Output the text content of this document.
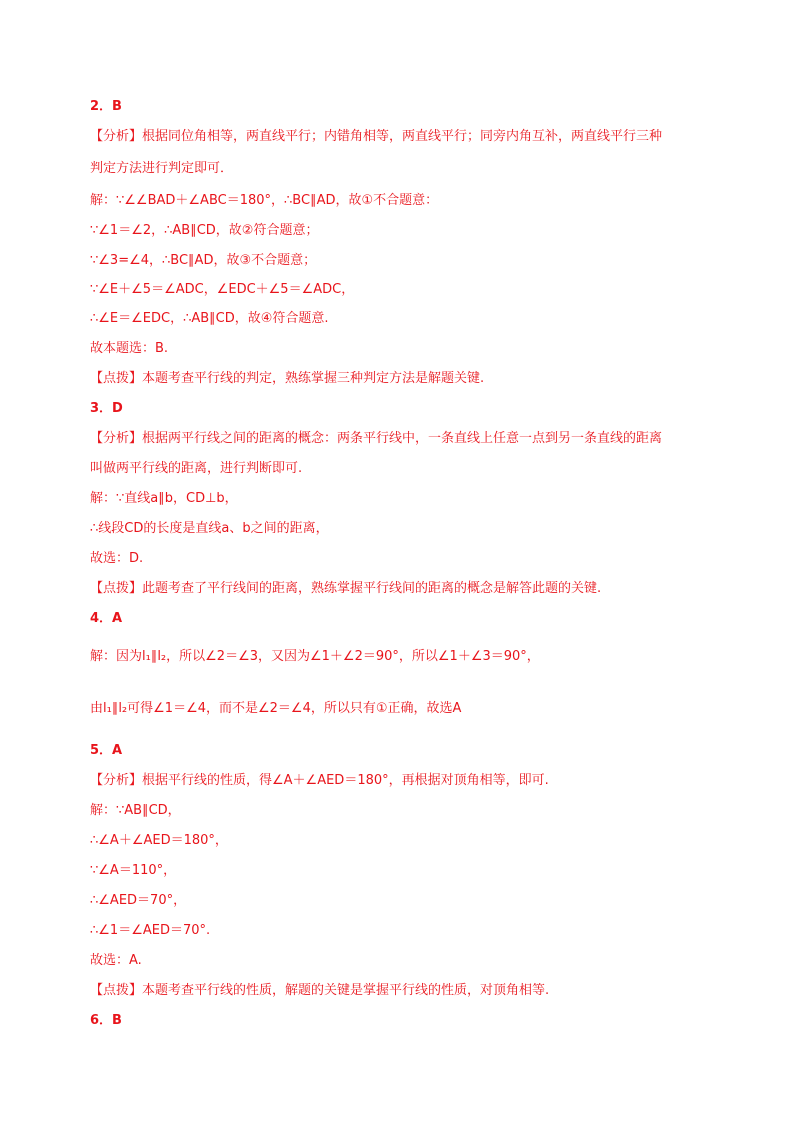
2．B
【分析】根据同位角相等，两直线平行；内错角相等，两直线平行；同旁内角互补，两直线平行三种
判定方法进行判定即可．
解：∵∠∠BAD＋∠ABC＝180°，∴BC∥AD，故①不合题意：
∵∠1＝∠2，∴AB∥CD，故②符合题意；
∵∠3=∠4，∴BC∥AD，故③不合题意；
∵∠E＋∠5＝∠ADC，∠EDC＋∠5＝∠ADC，
∴∠E＝∠EDC，∴AB∥CD，故④符合题意.
故本题选：B.
【点拨】本题考查平行线的判定，熟练掌握三种判定方法是解题关键.
3．D
【分析】根据两平行线之间的距离的概念：两条平行线中，一条直线上任意一点到另一条直线的距离
叫做两平行线的距离，进行判断即可.
解：∵直线a∥b，CD⊥b，
∴线段CD的长度是直线a、b之间的距离，
故选：D.
【点拨】此题考查了平行线间的距离，熟练掌握平行线间的距离的概念是解答此题的关键.
4．A
解：因为l₁∥l₂，所以∠2＝∠3，又因为∠1＋∠2＝90°，所以∠1＋∠3＝90°，
由l₁∥l₂可得∠1＝∠4，而不是∠2＝∠4，所以只有①正确，故选A
5．A
【分析】根据平行线的性质，得∠A＋∠AED＝180°，再根据对顶角相等，即可.
解：∵AB∥CD，
∴∠A＋∠AED＝180°，
∵∠A＝110°，
∴∠AED＝70°，
∴∠1＝∠AED＝70°.
故选：A.
【点拨】本题考查平行线的性质，解题的关键是掌握平行线的性质，对顶角相等.
6．B
